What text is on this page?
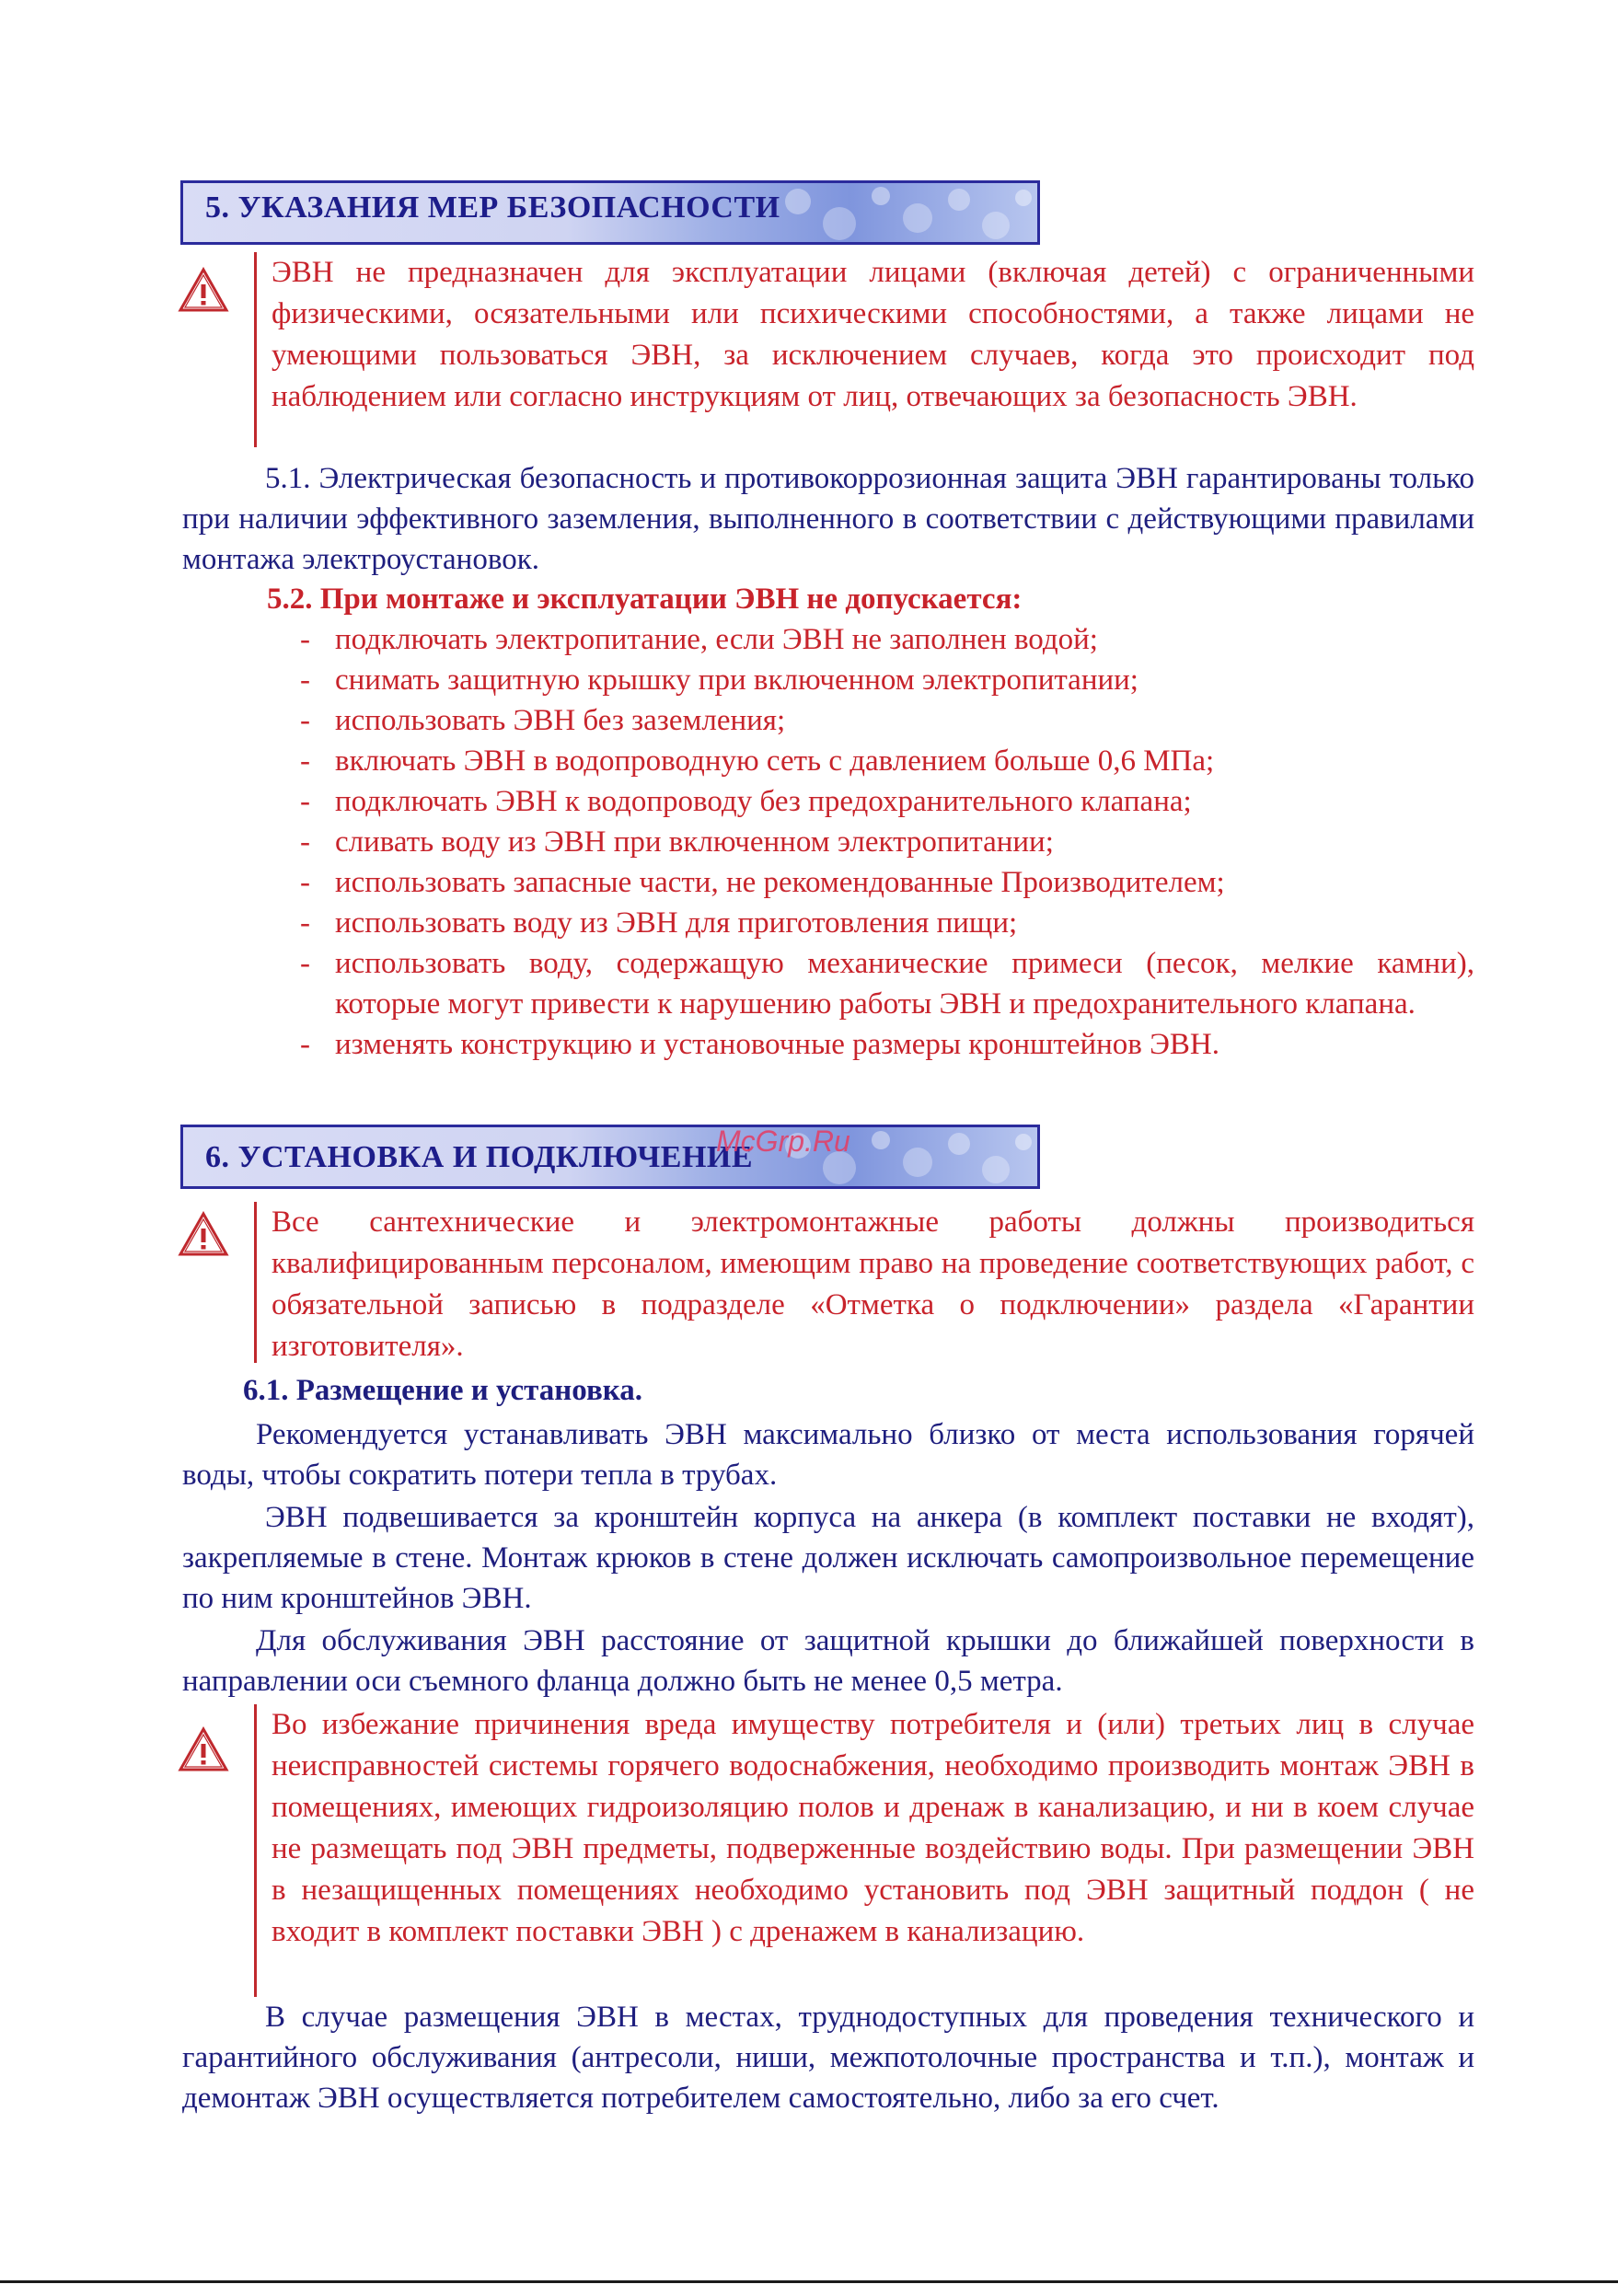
5. УКАЗАНИЯ МЕР БЕЗОПАСНОСТИ

ЭВН не предназначен для эксплуатации лицами (включая детей) с ограниченными физическими, осязательными или психическими способностями, а также лицами не умеющими пользоваться ЭВН, за исключением случаев, когда это происходит под наблюдением или согласно инструкциям от лиц, отвечающих за безопасность ЭВН.

5.1. Электрическая безопасность и противокоррозионная защита ЭВН гарантированы только при наличии эффективного заземления, выполненного в соответствии с действующими правилами монтажа электроустановок.

5.2. При монтаже и эксплуатации ЭВН не допускается:
- подключать электропитание, если ЭВН не заполнен водой;
- снимать защитную крышку при включенном электропитании;
- использовать ЭВН без заземления;
- включать ЭВН в водопроводную сеть с давлением больше 0,6 МПа;
- подключать ЭВН к водопроводу без предохранительного клапана;
- сливать воду из ЭВН при включенном электропитании;
- использовать запасные части, не рекомендованные Производителем;
- использовать воду из ЭВН для приготовления пищи;
- использовать воду, содержащую механические примеси (песок, мелкие камни), которые могут привести к нарушению работы ЭВН и предохранительного клапана.
- изменять конструкцию и установочные размеры кронштейнов ЭВН.
6. УСТАНОВКА И ПОДКЛЮЧЕНИЕ
McGrp.Ru

Все сантехнические и электромонтажные работы должны производиться квалифицированным персоналом, имеющим право на проведение соответствующих работ, с обязательной записью в подразделе «Отметка о подключении» раздела «Гарантии изготовителя».

6.1. Размещение и установка.

Рекомендуется устанавливать ЭВН максимально близко от места использования горячей воды, чтобы сократить потери тепла в трубах.

ЭВН подвешивается за кронштейн корпуса на анкера (в комплект поставки не входят), закрепляемые в стене. Монтаж крюков в стене должен исключать самопроизвольное перемещение по ним кронштейнов ЭВН.

Для обслуживания ЭВН расстояние от защитной крышки до ближайшей поверхности в направлении оси съемного фланца должно быть не менее 0,5 метра.

Во избежание причинения вреда имуществу потребителя и (или) третьих лиц в случае неисправностей системы горячего водоснабжения, необходимо производить монтаж ЭВН в помещениях, имеющих гидроизоляцию полов и дренаж в канализацию, и ни в коем случае не размещать под ЭВН предметы, подверженные воздействию воды. При размещении ЭВН в незащищенных помещениях необходимо установить под ЭВН защитный поддон ( не входит в комплект поставки ЭВН ) с дренажем в канализацию.

В случае размещения ЭВН в местах, труднодоступных для проведения технического и гарантийного обслуживания (антресоли, ниши, межпотолочные пространства и т.п.), монтаж и демонтаж ЭВН осуществляется потребителем самостоятельно, либо за его счет.
